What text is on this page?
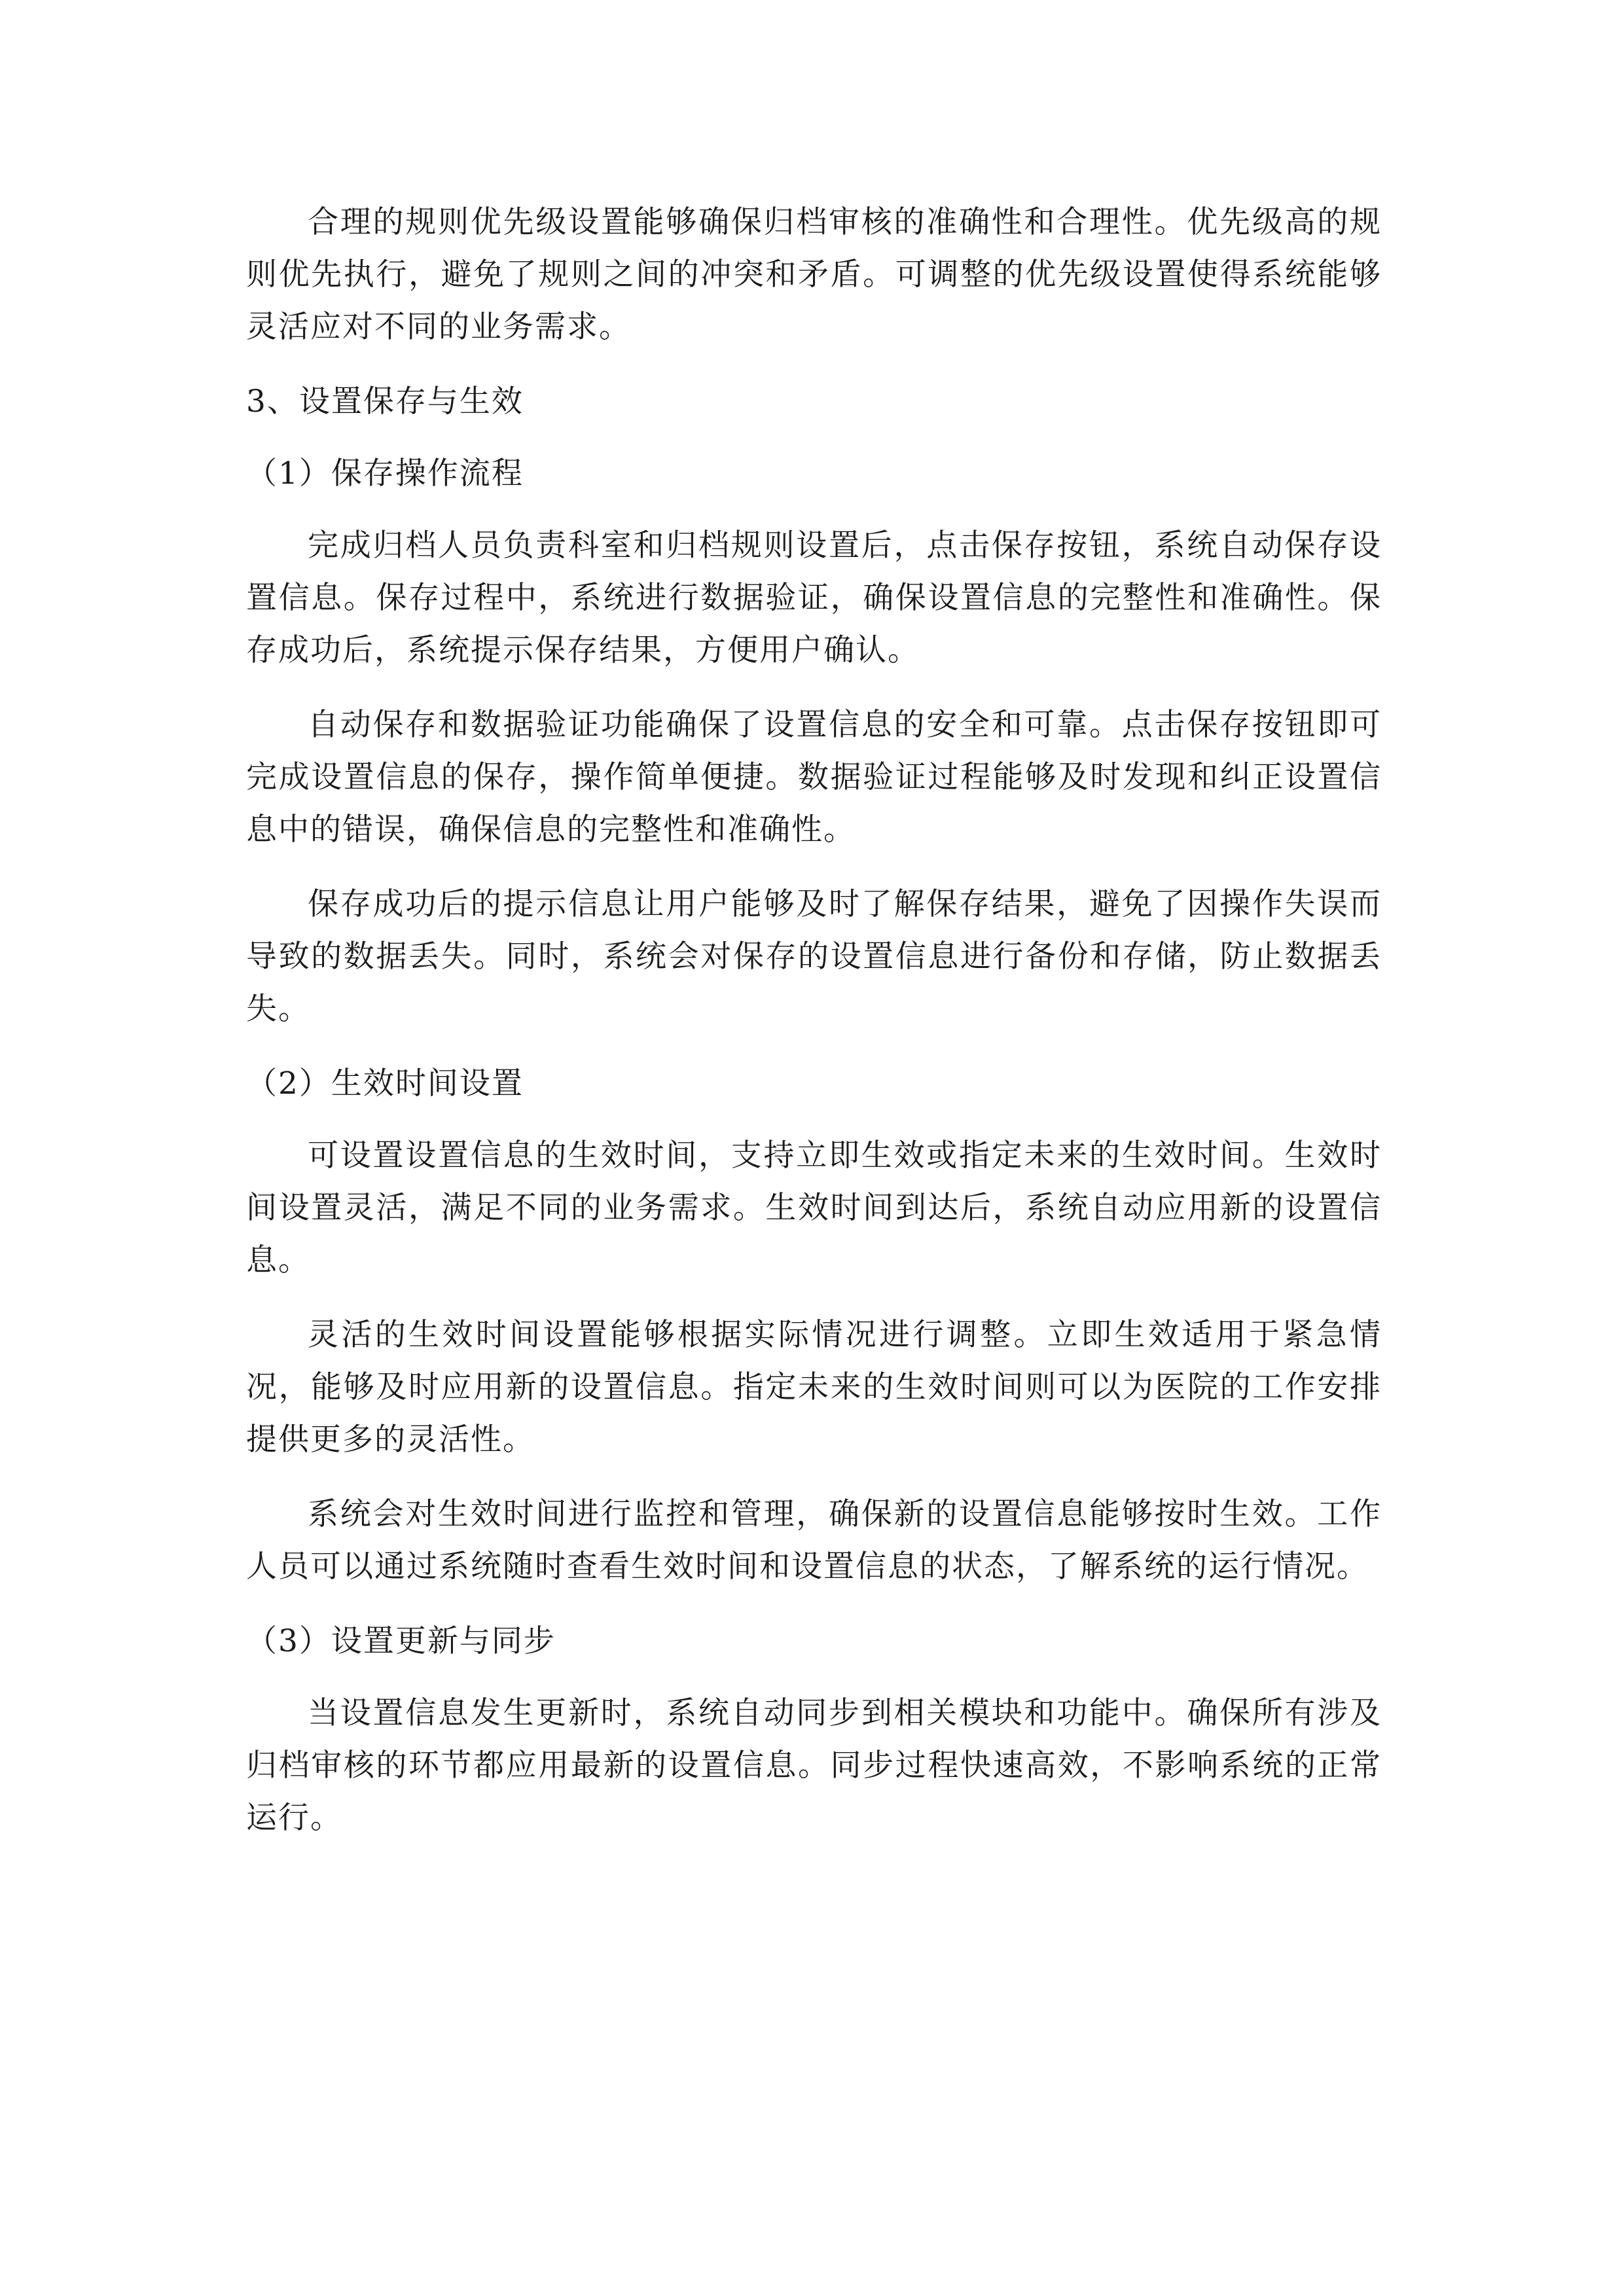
合理的规则优先级设置能够确保归档审核的准确性和合理性。优先级高的规则优先执行，避免了规则之间的冲突和矛盾。可调整的优先级设置使得系统能够灵活应对不同的业务需求。

3、设置保存与生效

（1）保存操作流程

完成归档人员负责科室和归档规则设置后，点击保存按钮，系统自动保存设置信息。保存过程中，系统进行数据验证，确保设置信息的完整性和准确性。保存成功后，系统提示保存结果，方便用户确认。

自动保存和数据验证功能确保了设置信息的安全和可靠。点击保存按钮即可完成设置信息的保存，操作简单便捷。数据验证过程能够及时发现和纠正设置信息中的错误，确保信息的完整性和准确性。

保存成功后的提示信息让用户能够及时了解保存结果，避免了因操作失误而导致的数据丢失。同时，系统会对保存的设置信息进行备份和存储，防止数据丢失。

（2）生效时间设置

可设置设置信息的生效时间，支持立即生效或指定未来的生效时间。生效时间设置灵活，满足不同的业务需求。生效时间到达后，系统自动应用新的设置信息。

灵活的生效时间设置能够根据实际情况进行调整。立即生效适用于紧急情况，能够及时应用新的设置信息。指定未来的生效时间则可以为医院的工作安排提供更多的灵活性。

系统会对生效时间进行监控和管理，确保新的设置信息能够按时生效。工作人员可以通过系统随时查看生效时间和设置信息的状态，了解系统的运行情况。

（3）设置更新与同步

当设置信息发生更新时，系统自动同步到相关模块和功能中。确保所有涉及归档审核的环节都应用最新的设置信息。同步过程快速高效，不影响系统的正常运行。
